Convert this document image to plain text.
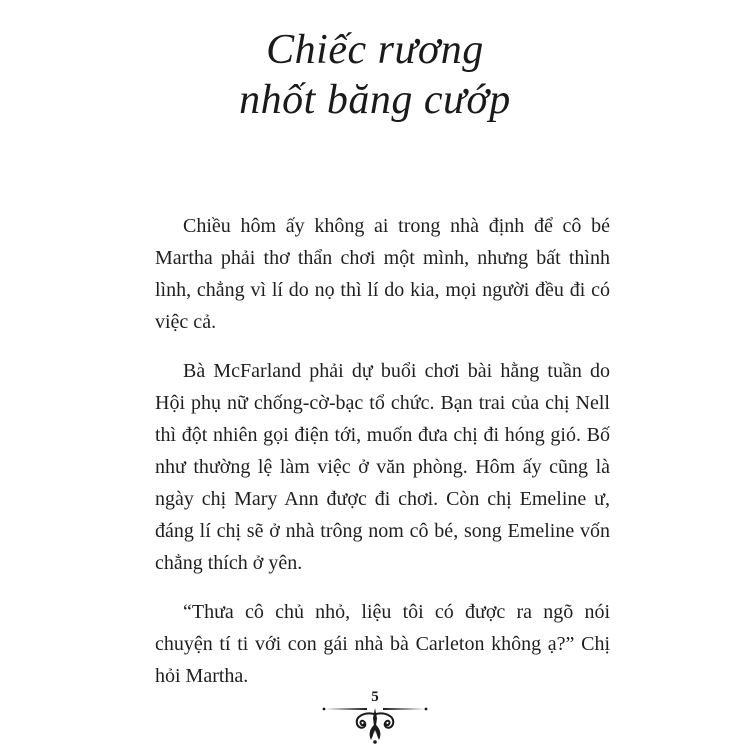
Chiếc rương
nhốt băng cướp

Chiều hôm ấy không ai trong nhà định để cô bé Martha phải thơ thẩn chơi một mình, nhưng bất thình lình, chẳng vì lí do nọ thì lí do kia, mọi người đều đi có việc cả.

Bà McFarland phải dự buổi chơi bài hằng tuần do Hội phụ nữ chống-cờ-bạc tổ chức. Bạn trai của chị Nell thì đột nhiên gọi điện tới, muốn đưa chị đi hóng gió. Bố như thường lệ làm việc ở văn phòng. Hôm ấy cũng là ngày chị Mary Ann được đi chơi. Còn chị Emeline ư, đáng lí chị sẽ ở nhà trông nom cô bé, song Emeline vốn chẳng thích ở yên.

“Thưa cô chủ nhỏ, liệu tôi có được ra ngõ nói chuyện tí ti với con gái nhà bà Carleton không ạ?” Chị hỏi Martha.

5
